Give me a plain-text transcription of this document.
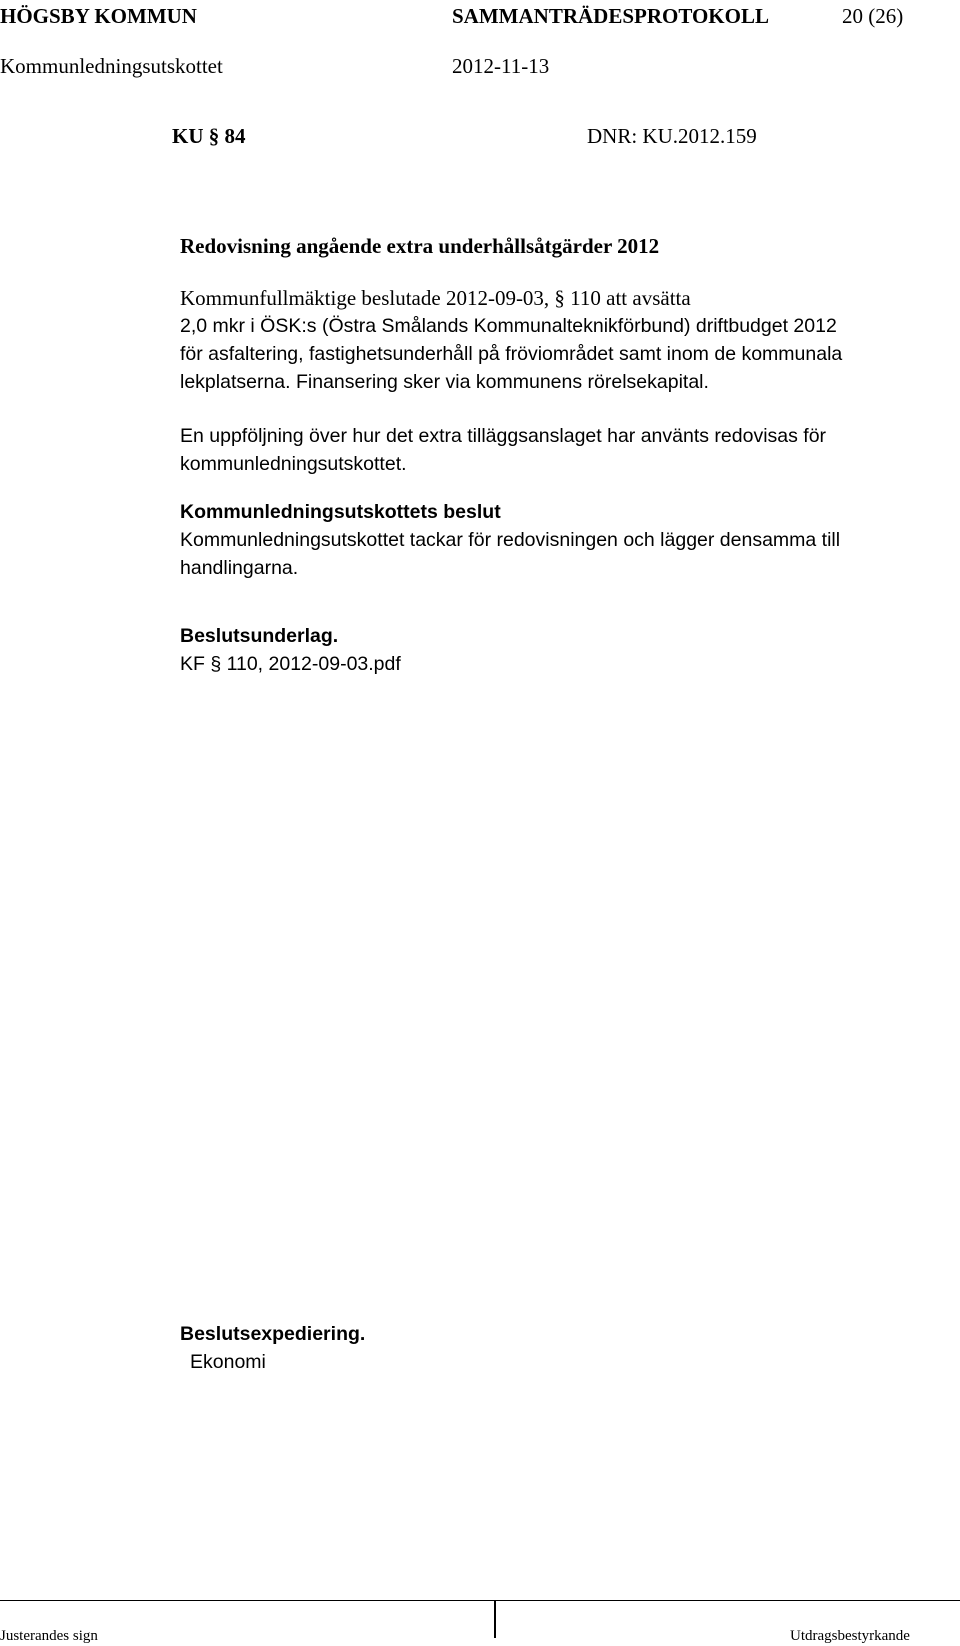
HÖGSBY KOMMUN	SAMMANTRÄDESPROTOKOLL	20 (26)
Kommunledningsutskottet	2012-11-13
KU § 84	DNR: KU.2012.159
Redovisning angående extra underhållsåtgärder 2012
Kommunfullmäktige beslutade 2012-09-03, § 110 att avsätta
2,0 mkr i ÖSK:s (Östra Smålands Kommunalteknikförbund) driftbudget 2012
för asfaltering, fastighetsunderhåll på fröviområdet samt inom de kommunala
lekplatserna. Finansering sker via kommunens rörelsekapital.
En uppföljning över hur det extra tilläggsanslaget har använts redovisas för
kommunledningsutskottet.
Kommunledningsutskottets beslut
Kommunledningsutskottet tackar för redovisningen och lägger densamma till
handlingarna.
Beslutsunderlag.
KF § 110, 2012-09-03.pdf
Beslutsexpediering.
Ekonomi
Justerandes sign	Utdragsbestyrkande
